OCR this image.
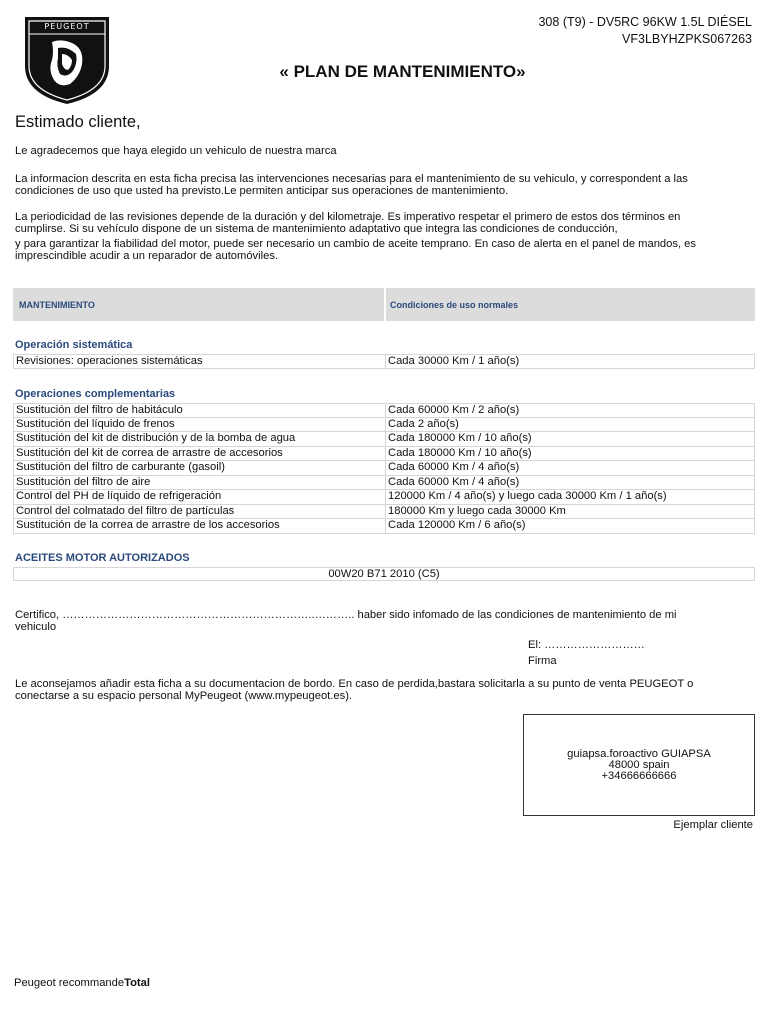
PEUGEOT	308 (T9) - DV5RC 96KW 1.5L DIÉSEL
VF3LBYHZPKS067263
« PLAN DE MANTENIMIENTO»
Estimado cliente,
Le agradecemos que haya elegido un vehiculo de nuestra marca
La informacion descrita en esta ficha precisa las intervenciones necesarias para el mantenimiento de su vehiculo, y correspondent a las
condiciones de uso que usted ha previsto.Le permiten anticipar sus operaciones de mantenimiento.
La periodicidad de las revisiones depende de la duración y del kilometraje. Es imperativo respetar el primero de estos dos términos en
cumplirse. Si su vehículo dispone de un sistema de mantenimiento adaptativo que integra las condiciones de conducción,
y para garantizar la fiabilidad del motor, puede ser necesario un cambio de aceite temprano. En caso de alerta en el panel de mandos, es
imprescindible acudir a un reparador de automóviles.
MANTENIMIENTO	Condiciones de uso normales
Operación sistemática
Revisiones: operaciones sistemáticas	Cada 30000 Km / 1 año(s)
Operaciones complementarias
Sustitución del filtro de habitáculo	Cada 60000 Km / 2 año(s)
Sustitución del líquido de frenos	Cada 2 año(s)
Sustitución del kit de distribución y de la bomba de agua	Cada 180000 Km / 10 año(s)
Sustitución del kit de correa de arrastre de accesorios	Cada 180000 Km / 10 año(s)
Sustitución del filtro de carburante (gasoil)	Cada 60000 Km / 4 año(s)
Sustitución del filtro de aire	Cada 60000 Km / 4 año(s)
Control del PH de líquido de refrigeración	120000 Km / 4 año(s) y luego cada 30000 Km / 1 año(s)
Control del colmatado del filtro de partículas	180000 Km y luego cada 30000 Km
Sustitución de la correa de arrastre de los accesorios	Cada 120000 Km / 6 año(s)
ACEITES MOTOR AUTORIZADOS
00W20 B71 2010 (C5)
Certifico, …………………………………………………………..……….. haber sido infomado de las condiciones de mantenimiento de mi
vehiculo
El: ………………………
Firma
Le aconsejamos añadir esta ficha a su documentacion de bordo. En caso de perdida,bastara solicitarla a su punto de venta PEUGEOT o
conectarse a su espacio personal MyPeugeot (www.mypeugeot.es).
guiapsa.foroactivo GUIAPSA
48000 spain
+34666666666
Ejemplar cliente
Peugeot recommandeTotal
